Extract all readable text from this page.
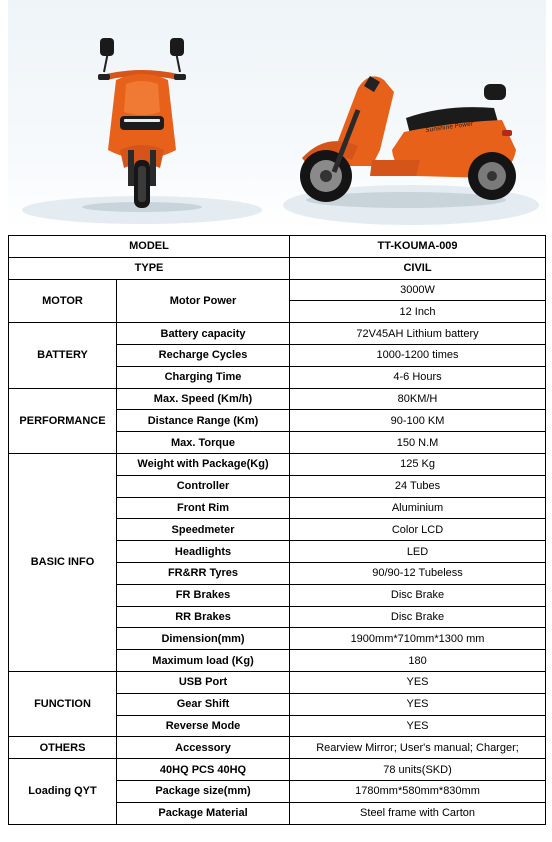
Sunshine Power
MODEL		TT-KOUMA-009
TYPE		CIVIL
MOTOR	Motor Power	3000W
		12 Inch
BATTERY	Battery capacity	72V45AH Lithium battery
	Recharge Cycles	1000-1200 times
	Charging Time	4-6 Hours
PERFORMANCE	Max. Speed (Km/h)	80KM/H
	Distance Range (Km)	90-100 KM
	Max. Torque	150 N.M
BASIC INFO	Weight with Package(Kg)	125 Kg
	Controller	24 Tubes
	Front Rim	Aluminium
	Speedmeter	Color LCD
	Headlights	LED
	FR&RR Tyres	90/90-12 Tubeless
	FR Brakes	Disc Brake
	RR Brakes	Disc Brake
	Dimension(mm)	1900mm*710mm*1300 mm
	Maximum load (Kg)	180
FUNCTION	USB Port	YES
	Gear Shift	YES
	Reverse Mode	YES
OTHERS	Accessory	Rearview Mirror; User's manual; Charger;
Loading QYT	40HQ PCS 40HQ	78 units(SKD)
	Package size(mm)	1780mm*580mm*830mm
	Package Material	Steel frame with Carton
